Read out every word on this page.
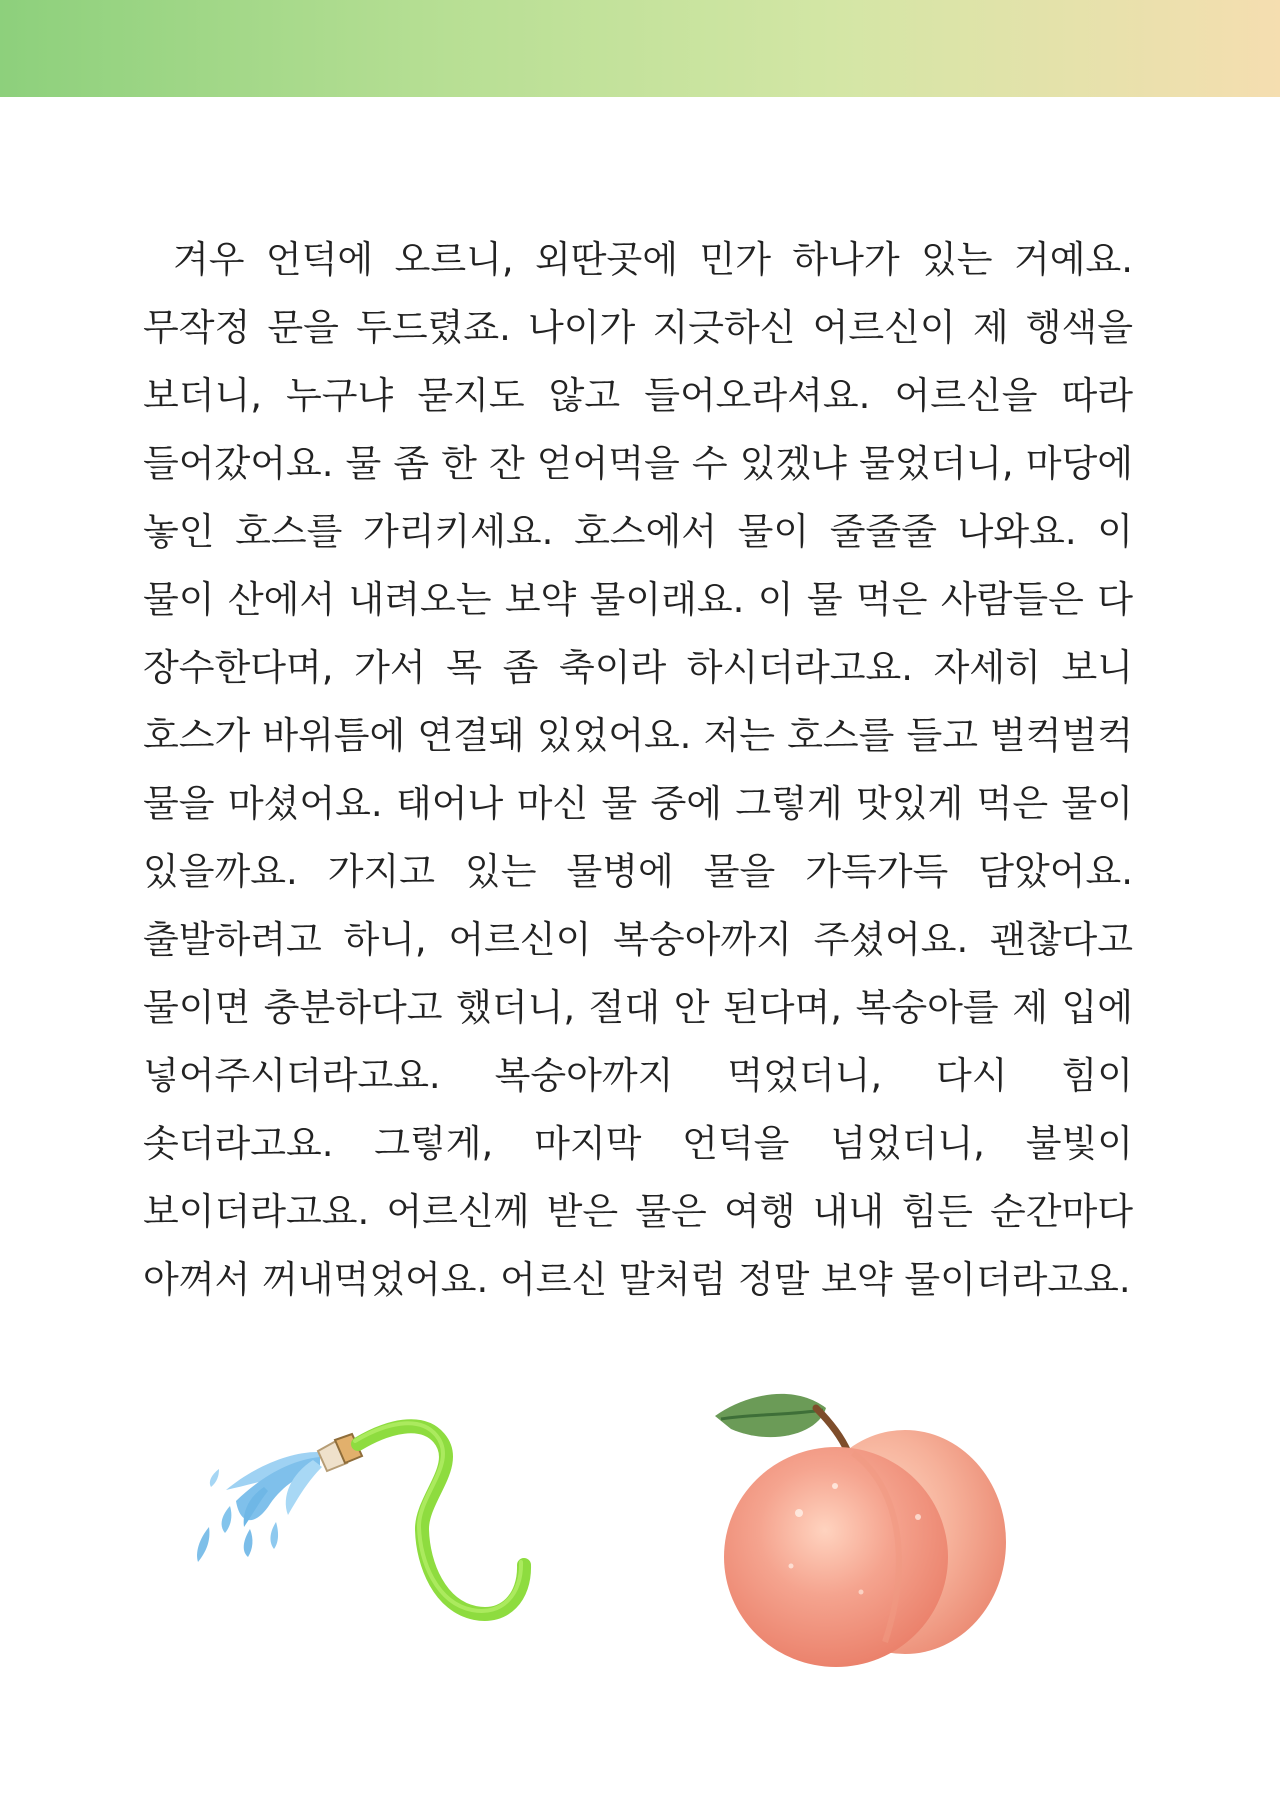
겨우 언덕에 오르니, 외딴곳에 민가 하나가 있는 거예요. 무작정 문을 두드렸죠. 나이가 지긋하신 어르신이 제 행색을 보더니, 누구냐 묻지도 않고 들어오라셔요. 어르신을 따라 들어갔어요. 물 좀 한 잔 얻어먹을 수 있겠냐 물었더니, 마당에 놓인 호스를 가리키세요. 호스에서 물이 줄줄줄 나와요. 이 물이 산에서 내려오는 보약 물이래요. 이 물 먹은 사람들은 다 장수한다며, 가서 목 좀 축이라 하시더라고요. 자세히 보니 호스가 바위틈에 연결돼 있었어요. 저는 호스를 들고 벌컥벌컥 물을 마셨어요. 태어나 마신 물 중에 그렇게 맛있게 먹은 물이 있을까요. 가지고 있는 물병에 물을 가득가득 담았어요. 출발하려고 하니, 어르신이 복숭아까지 주셨어요. 괜찮다고 물이면 충분하다고 했더니, 절대 안 된다며, 복숭아를 제 입에 넣어주시더라고요. 복숭아까지 먹었더니, 다시 힘이 솟더라고요. 그렇게, 마지막 언덕을 넘었더니, 불빛이 보이더라고요. 어르신께 받은 물은 여행 내내 힘든 순간마다 아껴서 꺼내먹었어요. 어르신 말처럼 정말 보약 물이더라고요.
